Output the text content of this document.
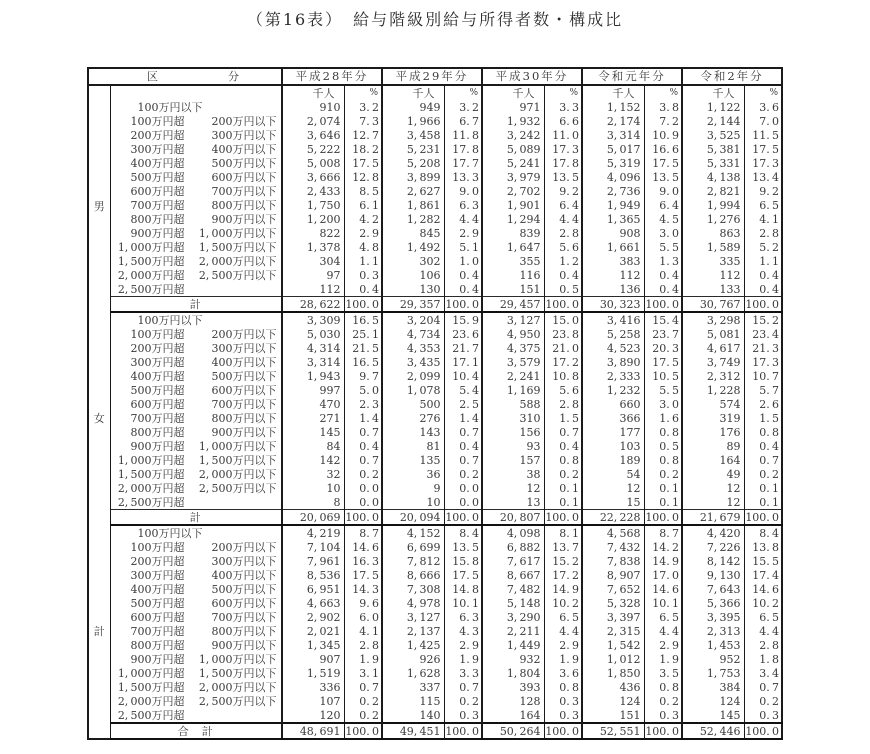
（第16表）　給与階級別給与所得者数・構成比
区 分		平成28年分		平成29年分		平成30年分		令和元年分		令和2年分	
		千人	%	千人	%	千人	%	千人	%	千人	%
男	100万円以下	910	3. 2	949	3. 2	971	3. 3	1, 152	3. 8	1, 122	3. 6
	100万円超 200万円以下	2, 074	7. 3	1, 966	6. 7	1, 932	6. 6	2, 174	7. 2	2, 144	7. 0
	200万円超 300万円以下	3, 646	12. 7	3, 458	11. 8	3, 242	11. 0	3, 314	10. 9	3, 525	11. 5
	300万円超 400万円以下	5, 222	18. 2	5, 231	17. 8	5, 089	17. 3	5, 017	16. 6	5, 381	17. 5
	400万円超 500万円以下	5, 008	17. 5	5, 208	17. 7	5, 241	17. 8	5, 319	17. 5	5, 331	17. 3
	500万円超 600万円以下	3, 666	12. 8	3, 899	13. 3	3, 979	13. 5	4, 096	13. 5	4, 138	13. 4
	600万円超 700万円以下	2, 433	8. 5	2, 627	9. 0	2, 702	9. 2	2, 736	9. 0	2, 821	9. 2
	700万円超 800万円以下	1, 750	6. 1	1, 861	6. 3	1, 901	6. 4	1, 949	6. 4	1, 994	6. 5
	800万円超 900万円以下	1, 200	4. 2	1, 282	4. 4	1, 294	4. 4	1, 365	4. 5	1, 276	4. 1
	900万円超 1, 000万円以下	822	2. 9	845	2. 9	839	2. 8	908	3. 0	863	2. 8
	1, 000万円超 1, 500万円以下	1, 378	4. 8	1, 492	5. 1	1, 647	5. 6	1, 661	5. 5	1, 589	5. 2
	1, 500万円超 2, 000万円以下	304	1. 1	302	1. 0	355	1. 2	383	1. 3	335	1. 1
	2, 000万円超 2, 500万円以下	97	0. 3	106	0. 4	116	0. 4	112	0. 4	112	0. 4
	2, 500万円超	112	0. 4	130	0. 4	151	0. 5	136	0. 4	133	0. 4
	計	28, 622	100. 0	29, 357	100. 0	29, 457	100. 0	30, 323	100. 0	30, 767	100. 0
女	100万円以下	3, 309	16. 5	3, 204	15. 9	3, 127	15. 0	3, 416	15. 4	3, 298	15. 2
	100万円超 200万円以下	5, 030	25. 1	4, 734	23. 6	4, 950	23. 8	5, 258	23. 7	5, 081	23. 4
	200万円超 300万円以下	4, 314	21. 5	4, 353	21. 7	4, 375	21. 0	4, 523	20. 3	4, 617	21. 3
	300万円超 400万円以下	3, 314	16. 5	3, 435	17. 1	3, 579	17. 2	3, 890	17. 5	3, 749	17. 3
	400万円超 500万円以下	1, 943	9. 7	2, 099	10. 4	2, 241	10. 8	2, 333	10. 5	2, 312	10. 7
	500万円超 600万円以下	997	5. 0	1, 078	5. 4	1, 169	5. 6	1, 232	5. 5	1, 228	5. 7
	600万円超 700万円以下	470	2. 3	500	2. 5	588	2. 8	660	3. 0	574	2. 6
	700万円超 800万円以下	271	1. 4	276	1. 4	310	1. 5	366	1. 6	319	1. 5
	800万円超 900万円以下	145	0. 7	143	0. 7	156	0. 7	177	0. 8	176	0. 8
	900万円超 1, 000万円以下	84	0. 4	81	0. 4	93	0. 4	103	0. 5	89	0. 4
	1, 000万円超 1, 500万円以下	142	0. 7	135	0. 7	157	0. 8	189	0. 8	164	0. 7
	1, 500万円超 2, 000万円以下	32	0. 2	36	0. 2	38	0. 2	54	0. 2	49	0. 2
	2, 000万円超 2, 500万円以下	10	0. 0	9	0. 0	12	0. 1	12	0. 1	12	0. 1
	2, 500万円超	8	0. 0	10	0. 0	13	0. 1	15	0. 1	12	0. 1
	計	20, 069	100. 0	20, 094	100. 0	20, 807	100. 0	22, 228	100. 0	21, 679	100. 0
計	100万円以下	4, 219	8. 7	4, 152	8. 4	4, 098	8. 1	4, 568	8. 7	4, 420	8. 4
	100万円超 200万円以下	7, 104	14. 6	6, 699	13. 5	6, 882	13. 7	7, 432	14. 2	7, 226	13. 8
	200万円超 300万円以下	7, 961	16. 3	7, 812	15. 8	7, 617	15. 2	7, 838	14. 9	8, 142	15. 5
	300万円超 400万円以下	8, 536	17. 5	8, 666	17. 5	8, 667	17. 2	8, 907	17. 0	9, 130	17. 4
	400万円超 500万円以下	6, 951	14. 3	7, 308	14. 8	7, 482	14. 9	7, 652	14. 6	7, 643	14. 6
	500万円超 600万円以下	4, 663	9. 6	4, 978	10. 1	5, 148	10. 2	5, 328	10. 1	5, 366	10. 2
	600万円超 700万円以下	2, 902	6. 0	3, 127	6. 3	3, 290	6. 5	3, 397	6. 5	3, 395	6. 5
	700万円超 800万円以下	2, 021	4. 1	2, 137	4. 3	2, 211	4. 4	2, 315	4. 4	2, 313	4. 4
	800万円超 900万円以下	1, 345	2. 8	1, 425	2. 9	1, 449	2. 9	1, 542	2. 9	1, 453	2. 8
	900万円超 1, 000万円以下	907	1. 9	926	1. 9	932	1. 9	1, 012	1. 9	952	1. 8
	1, 000万円超 1, 500万円以下	1, 519	3. 1	1, 628	3. 3	1, 804	3. 6	1, 850	3. 5	1, 753	3. 4
	1, 500万円超 2, 000万円以下	336	0. 7	337	0. 7	393	0. 8	436	0. 8	384	0. 7
	2, 000万円超 2, 500万円以下	107	0. 2	115	0. 2	128	0. 3	124	0. 2	124	0. 2
	2, 500万円超	120	0. 2	140	0. 3	164	0. 3	151	0. 3	145	0. 3
	合　計	48, 691	100. 0	49, 451	100. 0	50, 264	100. 0	52, 551	100. 0	52, 446	100. 0
